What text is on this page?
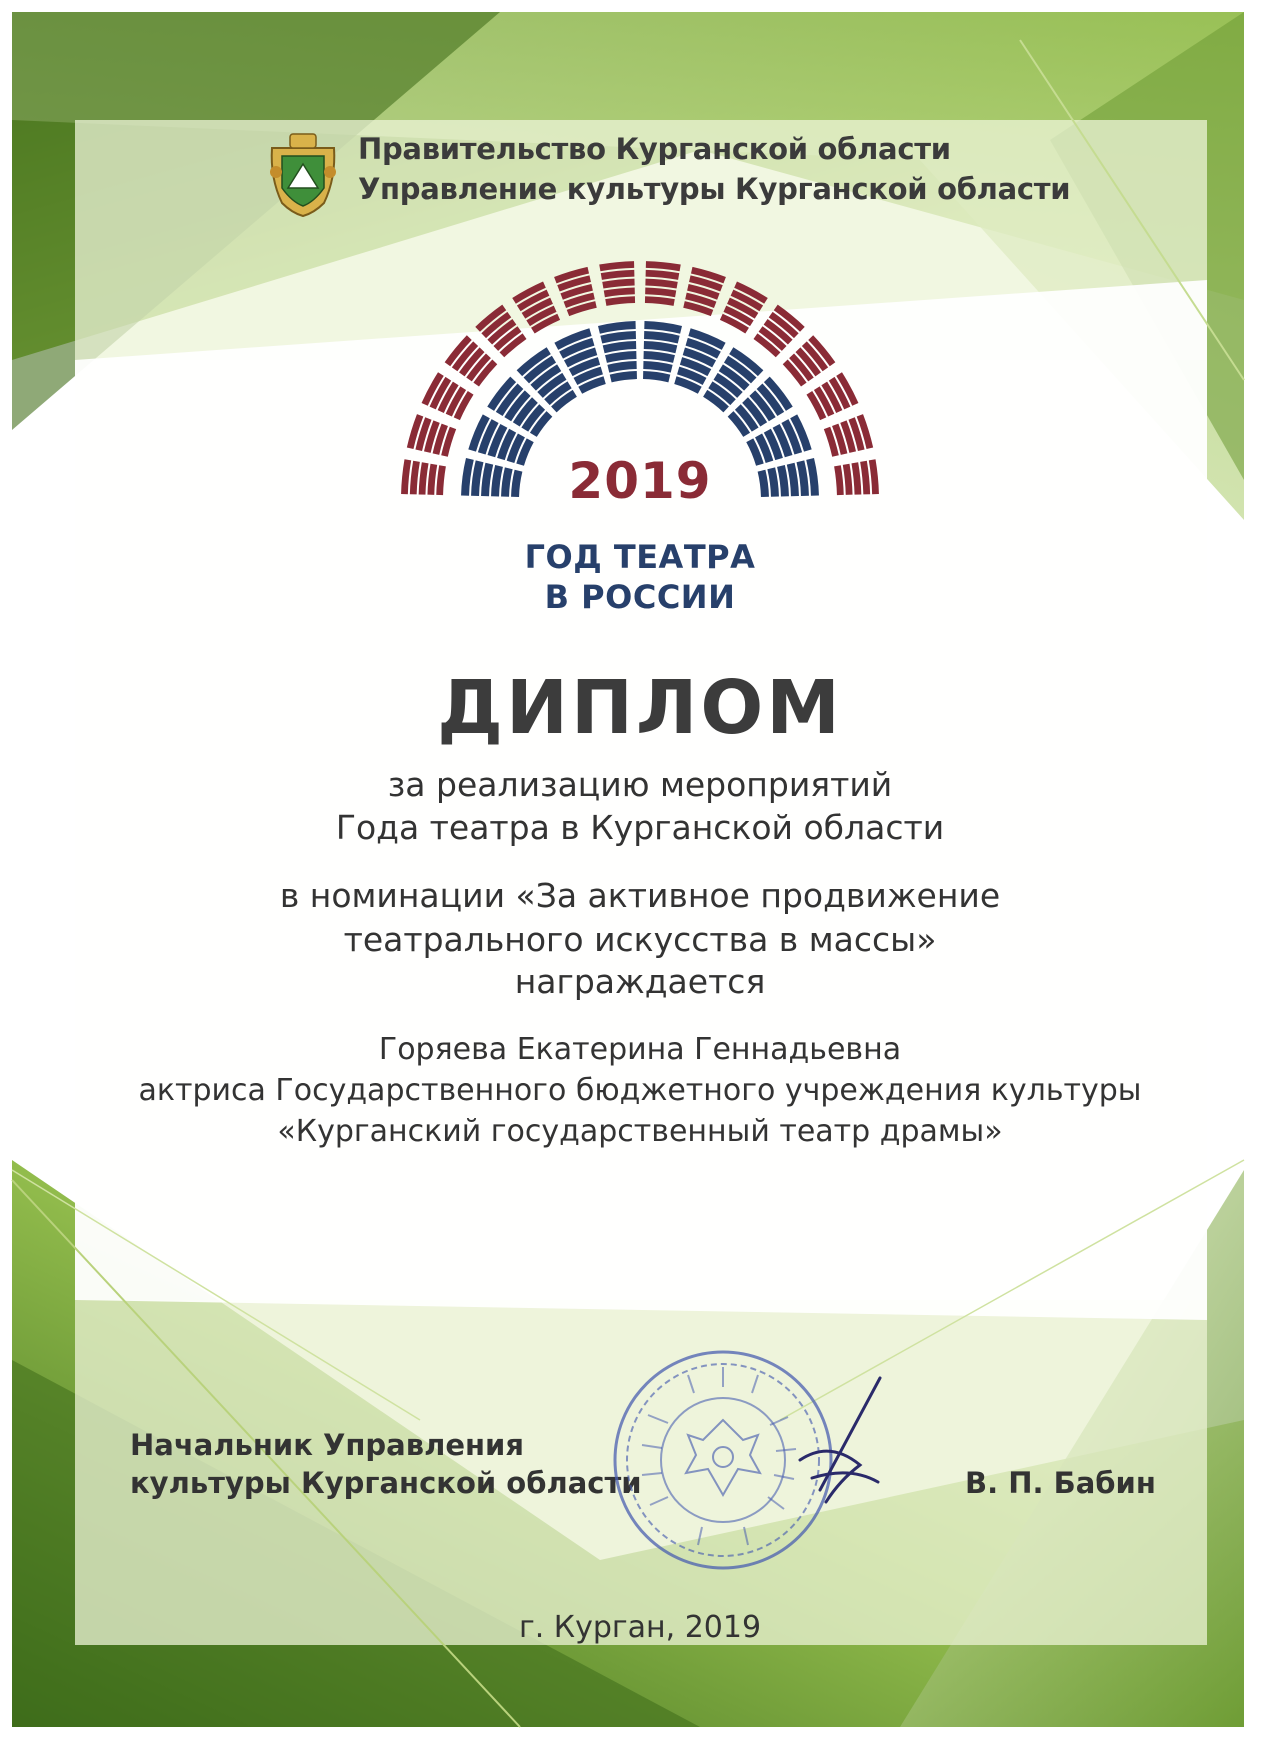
Правительство Курганской области
Управление культуры Курганской области
2019
ГОД ТЕАТРА
В РОССИИ
ДИПЛОМ
за реализацию мероприятий
Года театра в Курганской области
в номинации «За активное продвижение
театрального искусства в массы»
награждается
Горяева Екатерина Геннадьевна
актриса Государственного бюджетного учреждения культуры
«Курганский государственный театр драмы»
Начальник Управления
культуры Курганской области	В. П. Бабин
г. Курган, 2019
